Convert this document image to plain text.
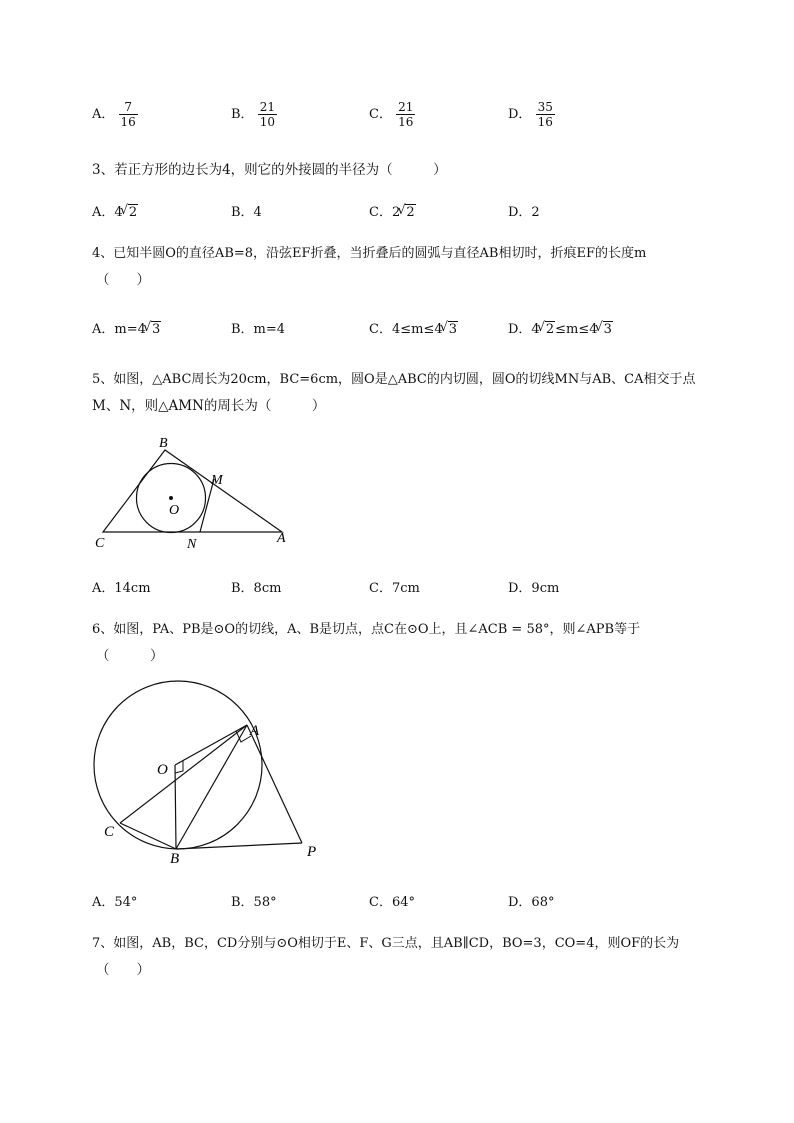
A． $\frac{7}{16}$	B． $\frac{21}{10}$	C． $\frac{21}{16}$	D． $\frac{35}{16}$
3、若正方形的边长为4，则它的外接圆的半径为（　　　）
A．4 √ 2	B．4	C．2 √ 2	D．2
4、已知半圆O的直径AB=8，沿弦EF折叠，当折叠后的圆弧与直径AB相切时，折痕EF的长度m
（　　）
A．m=4 √ 3	B．m=4	C．4≤m≤4 √ 3	D．4 √ 2≤m≤4 √ 3
5、如图，△ABC周长为20cm，BC=6cm，圆O是△ABC的内切圆，圆O的切线MN与AB、CA相交于点
M、N，则△AMN的周长为（　　　）
B
M
O
C	N	A
A．14cm	B．8cm	C．7cm	D．9cm
6、如图，PA、PB是⊙O的切线，A、B是切点，点C在⊙O上，且∠ACB = 58°，则∠APB等于
（　　　）
A
O
C
B	P
A．54°	B．58°	C．64°	D．68°
7、如图，AB，BC，CD分别与⊙O相切于E、F、G三点，且AB∥CD，BO=3，CO=4，则OF的长为
（　　）
